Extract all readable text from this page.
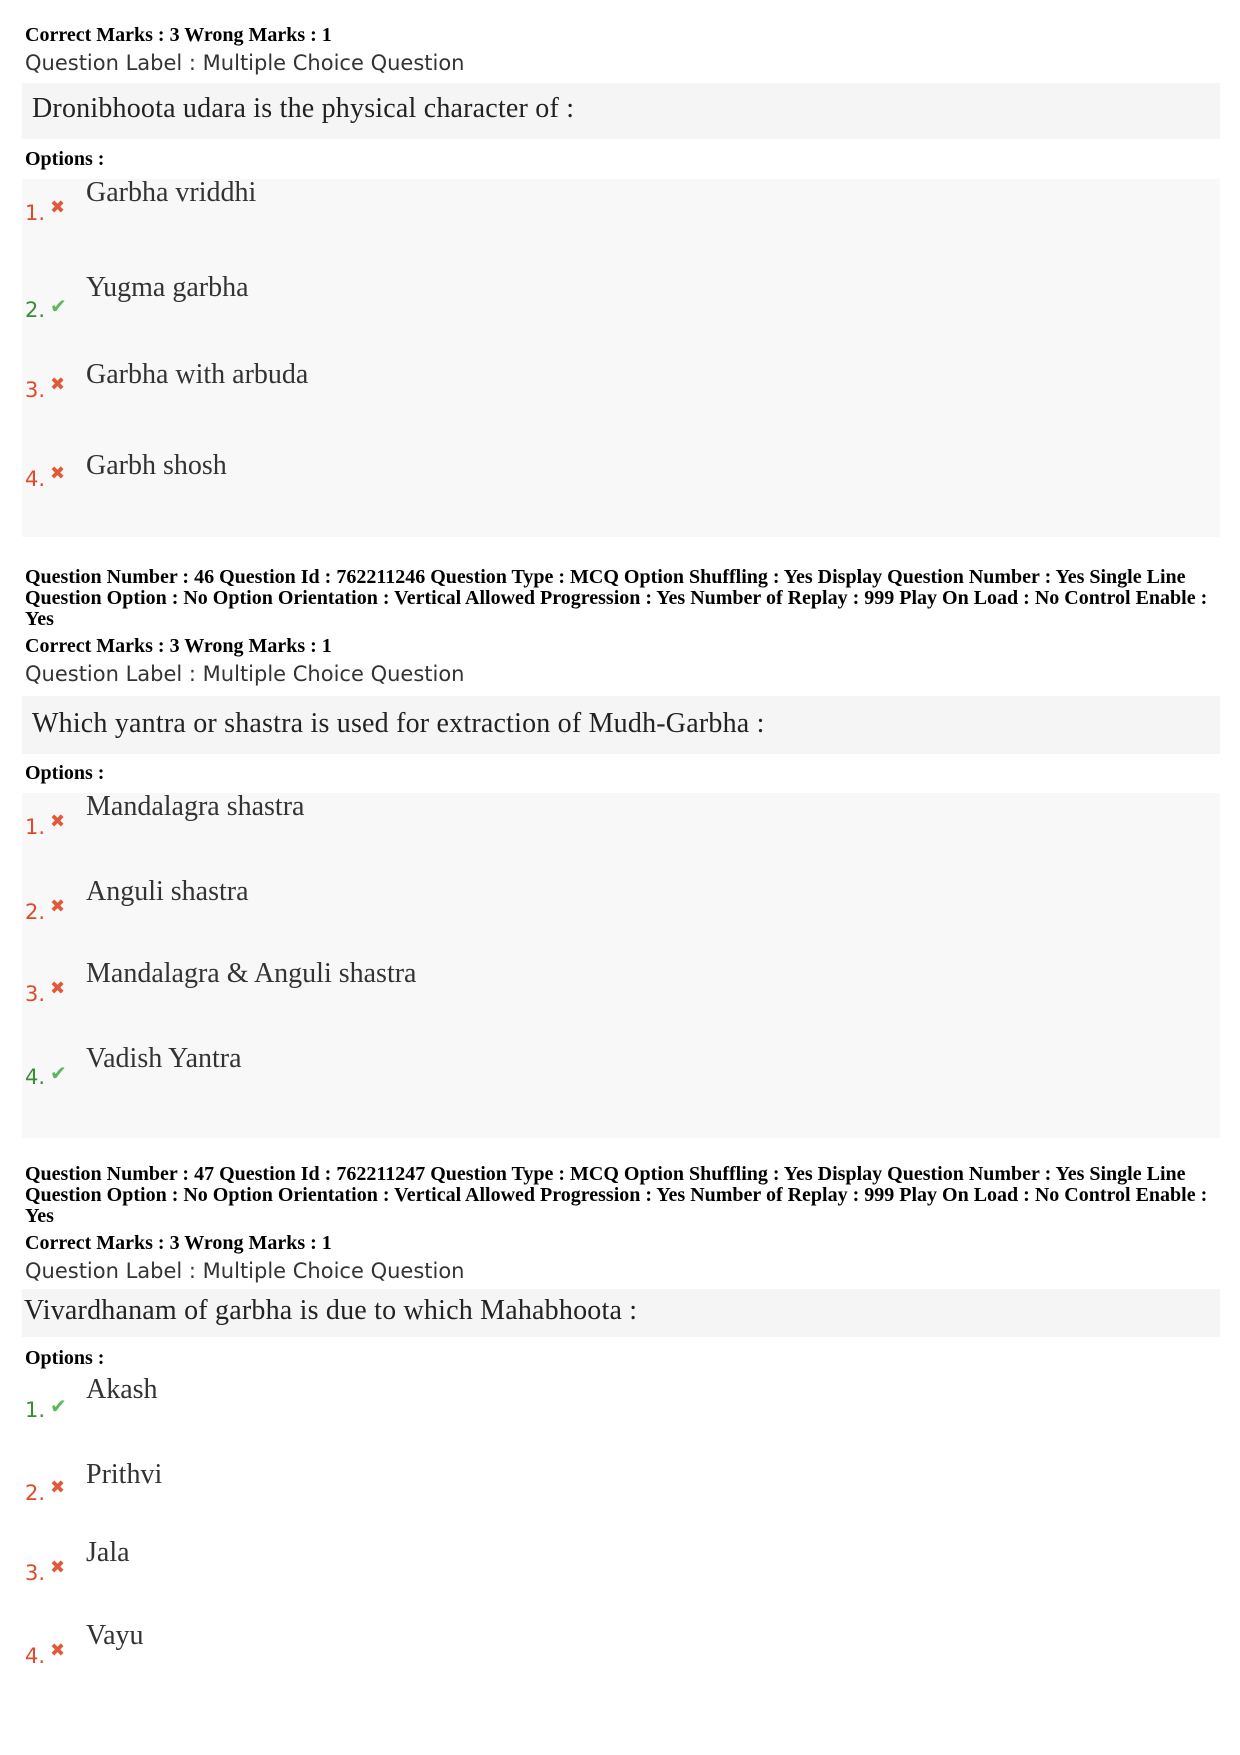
Correct Marks : 3 Wrong Marks : 1
Question Label : Multiple Choice Question
Dronibhoota udara is the physical character of :
Options :
1. ✖ Garbha vriddhi
2. ✔
Yugma garbha
3. ✖ Garbha with arbuda
4. ✖ Garbh shosh
Question Number : 46 Question Id : 762211246 Question Type : MCQ Option Shuffling : Yes Display Question Number : Yes Single Line Question Option : No Option Orientation : Vertical Allowed Progression : Yes Number of Replay : 999 Play On Load : No Control Enable : Yes
Correct Marks : 3 Wrong Marks : 1
Question Label : Multiple Choice Question
Which yantra or shastra is used for extraction of Mudh-Garbha :
Options :
1. ✖ Mandalagra shastra
2. ✖ Anguli shastra
3. ✖ Mandalagra & Anguli shastra
4. ✔ Vadish Yantra
Question Number : 47 Question Id : 762211247 Question Type : MCQ Option Shuffling : Yes Display Question Number : Yes Single Line Question Option : No Option Orientation : Vertical Allowed Progression : Yes Number of Replay : 999 Play On Load : No Control Enable : Yes
Correct Marks : 3 Wrong Marks : 1
Question Label : Multiple Choice Question
Vivardhanam of garbha is due to which Mahabhoota :
Options :
1. ✔
Akash
2. ✖ Prithvi
3. ✖ Jala
4. ✖ Vayu
